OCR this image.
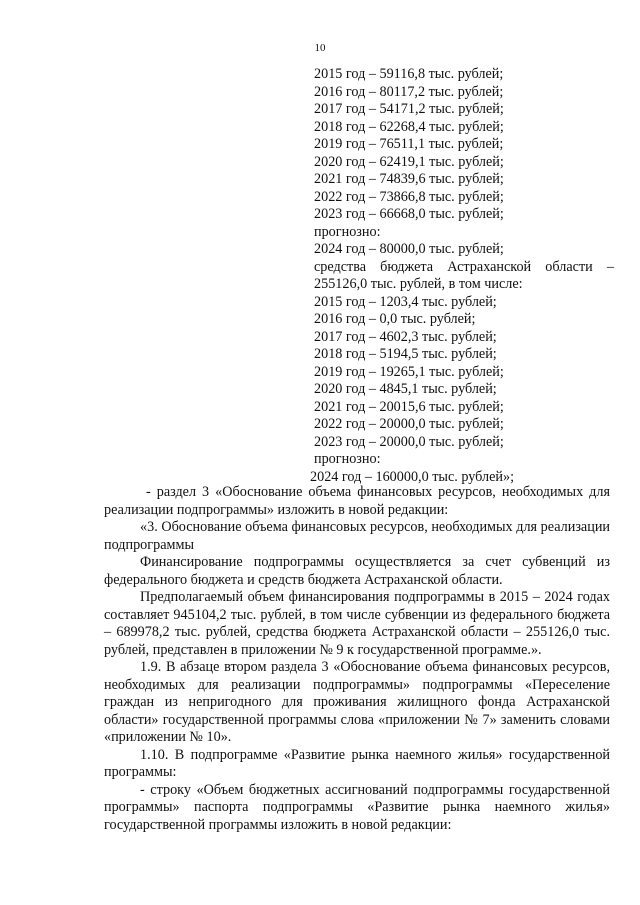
10
2015 год – 59116,8 тыс. рублей;
2016 год – 80117,2 тыс. рублей;
2017 год – 54171,2 тыс. рублей;
2018 год – 62268,4 тыс. рублей;
2019 год – 76511,1 тыс. рублей;
2020 год – 62419,1 тыс. рублей;
2021 год – 74839,6 тыс. рублей;
2022 год – 73866,8 тыс. рублей;
2023 год – 66668,0 тыс. рублей;
прогнозно:
2024 год – 80000,0 тыс. рублей;
средства бюджета Астраханской области –
255126,0 тыс. рублей, в том числе:
2015 год – 1203,4 тыс. рублей;
2016 год – 0,0 тыс. рублей;
2017 год – 4602,3 тыс. рублей;
2018 год – 5194,5 тыс. рублей;
2019 год – 19265,1 тыс. рублей;
2020 год – 4845,1 тыс. рублей;
2021 год – 20015,6 тыс. рублей;
2022 год – 20000,0 тыс. рублей;
2023 год – 20000,0 тыс. рублей;
прогнозно:
2024 год – 160000,0 тыс. рублей»;
- раздел 3 «Обоснование объема финансовых ресурсов, необходимых для реализации подпрограммы» изложить в новой редакции:
«3. Обоснование объема финансовых ресурсов, необходимых для реализации подпрограммы
Финансирование подпрограммы осуществляется за счет субвенций из федерального бюджета и средств бюджета Астраханской области.
Предполагаемый объем финансирования подпрограммы в 2015 – 2024 годах составляет 945104,2 тыс. рублей, в том числе субвенции из федерального бюджета – 689978,2 тыс. рублей, средства бюджета Астраханской области – 255126,0 тыс. рублей, представлен в приложении № 9 к государственной программе.».
1.9. В абзаце втором раздела 3 «Обоснование объема финансовых ресурсов, необходимых для реализации подпрограммы» подпрограммы «Переселение граждан из непригодного для проживания жилищного фонда Астраханской области» государственной программы слова «приложении № 7» заменить словами «приложении № 10».
1.10. В подпрограмме «Развитие рынка наемного жилья» государственной программы:
- строку «Объем бюджетных ассигнований подпрограммы государственной программы» паспорта подпрограммы «Развитие рынка наемного жилья» государственной программы изложить в новой редакции:
